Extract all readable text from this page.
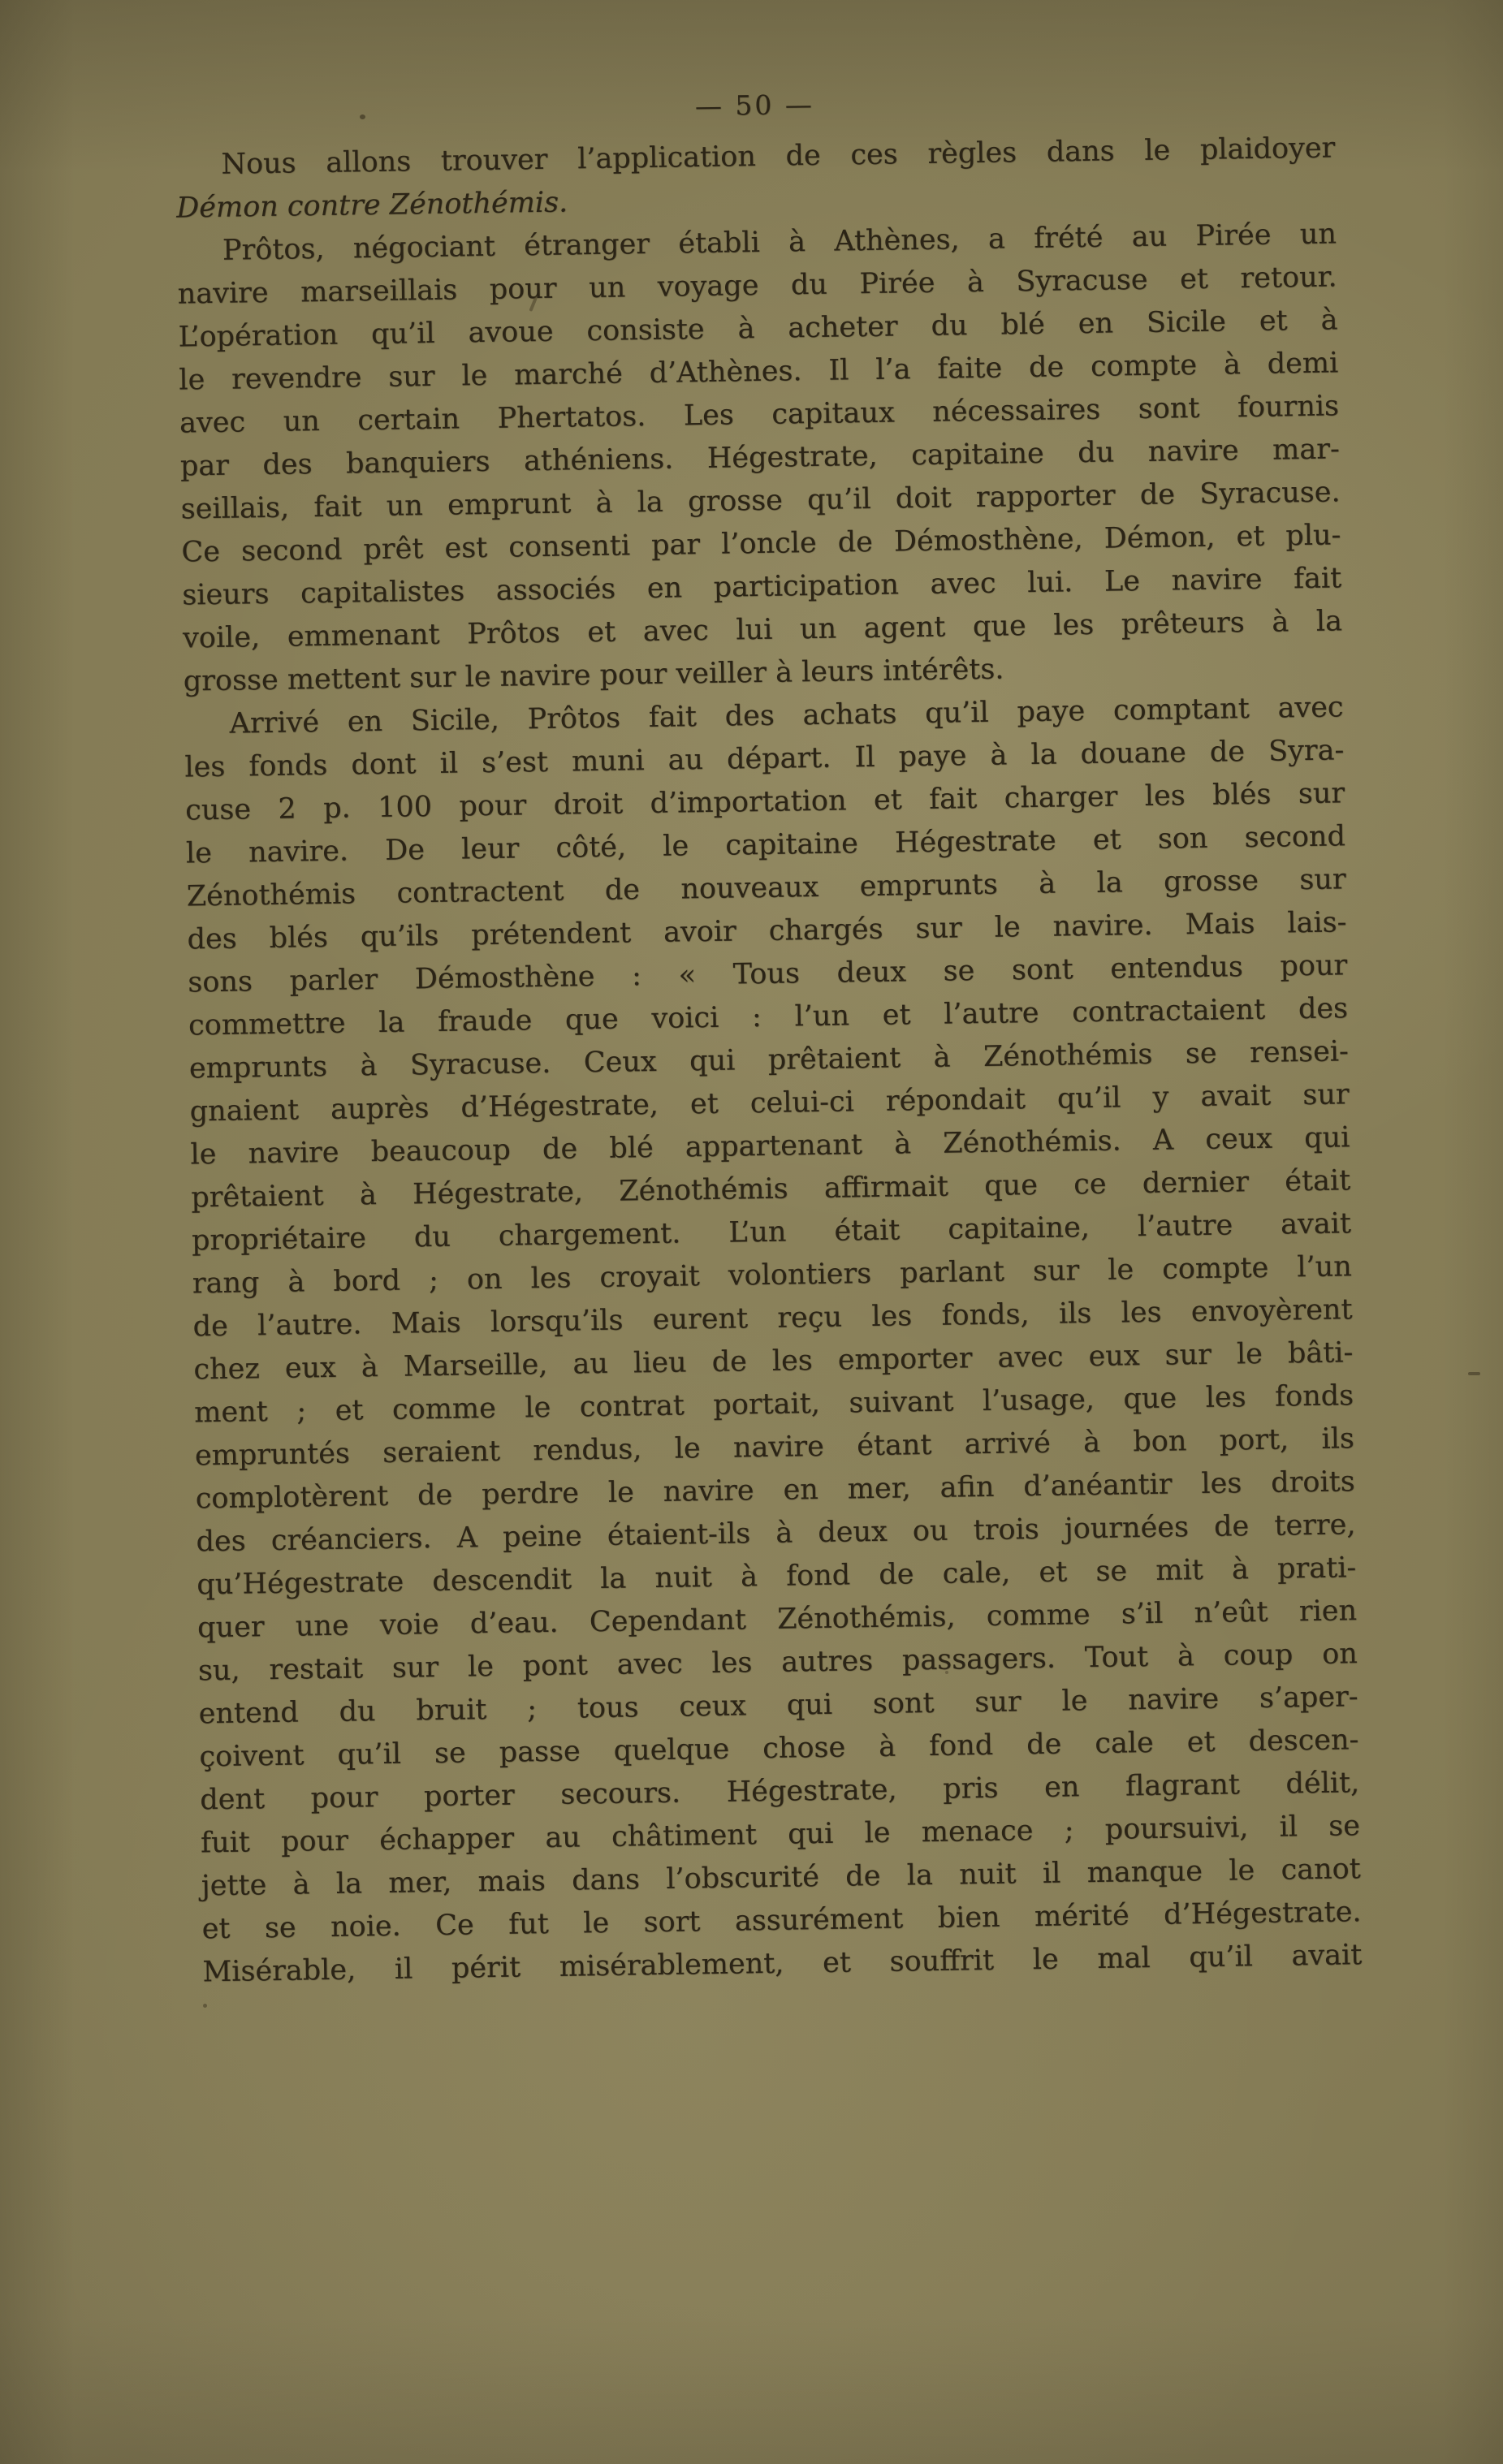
— 50 —
Nous allons trouver l’application de ces règles dans le plaidoyer
Démon contre Zénothémis.
Prôtos, négociant étranger établi à Athènes, a frété au Pirée un
navire marseillais pour un voyage du Pirée à Syracuse et retour.
L’opération qu’il avoue consiste à acheter du blé en Sicile et à
le revendre sur le marché d’Athènes. Il l’a faite de compte à demi
avec un certain Phertatos. Les capitaux nécessaires sont fournis
par des banquiers athéniens. Hégestrate, capitaine du navire mar-
seillais, fait un emprunt à la grosse qu’il doit rapporter de Syracuse.
Ce second prêt est consenti par l’oncle de Démosthène, Démon, et plu-
sieurs capitalistes associés en participation avec lui. Le navire fait
voile, emmenant Prôtos et avec lui un agent que les prêteurs à la
grosse mettent sur le navire pour veiller à leurs intérêts.
Arrivé en Sicile, Prôtos fait des achats qu’il paye comptant avec
les fonds dont il s’est muni au départ. Il paye à la douane de Syra-
cuse 2 p. 100 pour droit d’importation et fait charger les blés sur
le navire. De leur côté, le capitaine Hégestrate et son second
Zénothémis contractent de nouveaux emprunts à la grosse sur
des blés qu’ils prétendent avoir chargés sur le navire. Mais lais-
sons parler Démosthène : « Tous deux se sont entendus pour
commettre la fraude que voici : l’un et l’autre contractaient des
emprunts à Syracuse. Ceux qui prêtaient à Zénothémis se rensei-
gnaient auprès d’Hégestrate, et celui-ci répondait qu’il y avait sur
le navire beaucoup de blé appartenant à Zénothémis. A ceux qui
prêtaient à Hégestrate, Zénothémis affirmait que ce dernier était
propriétaire du chargement. L’un était capitaine, l’autre avait
rang à bord ; on les croyait volontiers parlant sur le compte l’un
de l’autre. Mais lorsqu’ils eurent reçu les fonds, ils les envoyèrent
chez eux à Marseille, au lieu de les emporter avec eux sur le bâti-
ment ; et comme le contrat portait, suivant l’usage, que les fonds
empruntés seraient rendus, le navire étant arrivé à bon port, ils
complotèrent de perdre le navire en mer, afin d’anéantir les droits
des créanciers. A peine étaient-ils à deux ou trois journées de terre,
qu’Hégestrate descendit la nuit à fond de cale, et se mit à prati-
quer une voie d’eau. Cependant Zénothémis, comme s’il n’eût rien
su, restait sur le pont avec les autres passagers. Tout à coup on
entend du bruit ; tous ceux qui sont sur le navire s’aper-
çoivent qu’il se passe quelque chose à fond de cale et descen-
dent pour porter secours. Hégestrate, pris en flagrant délit,
fuit pour échapper au châtiment qui le menace ; poursuivi, il se
jette à la mer, mais dans l’obscurité de la nuit il manque le canot
et se noie. Ce fut le sort assurément bien mérité d’Hégestrate.
Misérable, il périt misérablement, et souffrit le mal qu’il avait
